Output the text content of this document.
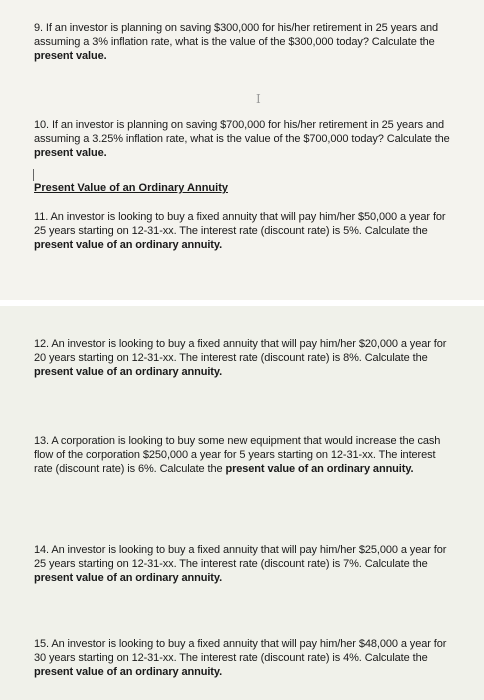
9. If an investor is planning on saving $300,000 for his/her retirement in 25 years and assuming a 3% inflation rate, what is the value of the $300,000 today? Calculate the present value.
I
10. If an investor is planning on saving $700,000 for his/her retirement in 25 years and assuming a 3.25% inflation rate, what is the value of the $700,000 today? Calculate the present value.
Present Value of an Ordinary Annuity
11. An investor is looking to buy a fixed annuity that will pay him/her $50,000 a year for 25 years starting on 12-31-xx. The interest rate (discount rate) is 5%. Calculate the present value of an ordinary annuity.
12. An investor is looking to buy a fixed annuity that will pay him/her $20,000 a year for 20 years starting on 12-31-xx. The interest rate (discount rate) is 8%. Calculate the present value of an ordinary annuity.
13. A corporation is looking to buy some new equipment that would increase the cash flow of the corporation $250,000 a year for 5 years starting on 12-31-xx. The interest rate (discount rate) is 6%. Calculate the present value of an ordinary annuity.
14. An investor is looking to buy a fixed annuity that will pay him/her $25,000 a year for 25 years starting on 12-31-xx. The interest rate (discount rate) is 7%. Calculate the present value of an ordinary annuity.
15. An investor is looking to buy a fixed annuity that will pay him/her $48,000 a year for 30 years starting on 12-31-xx. The interest rate (discount rate) is 4%. Calculate the present value of an ordinary annuity.
